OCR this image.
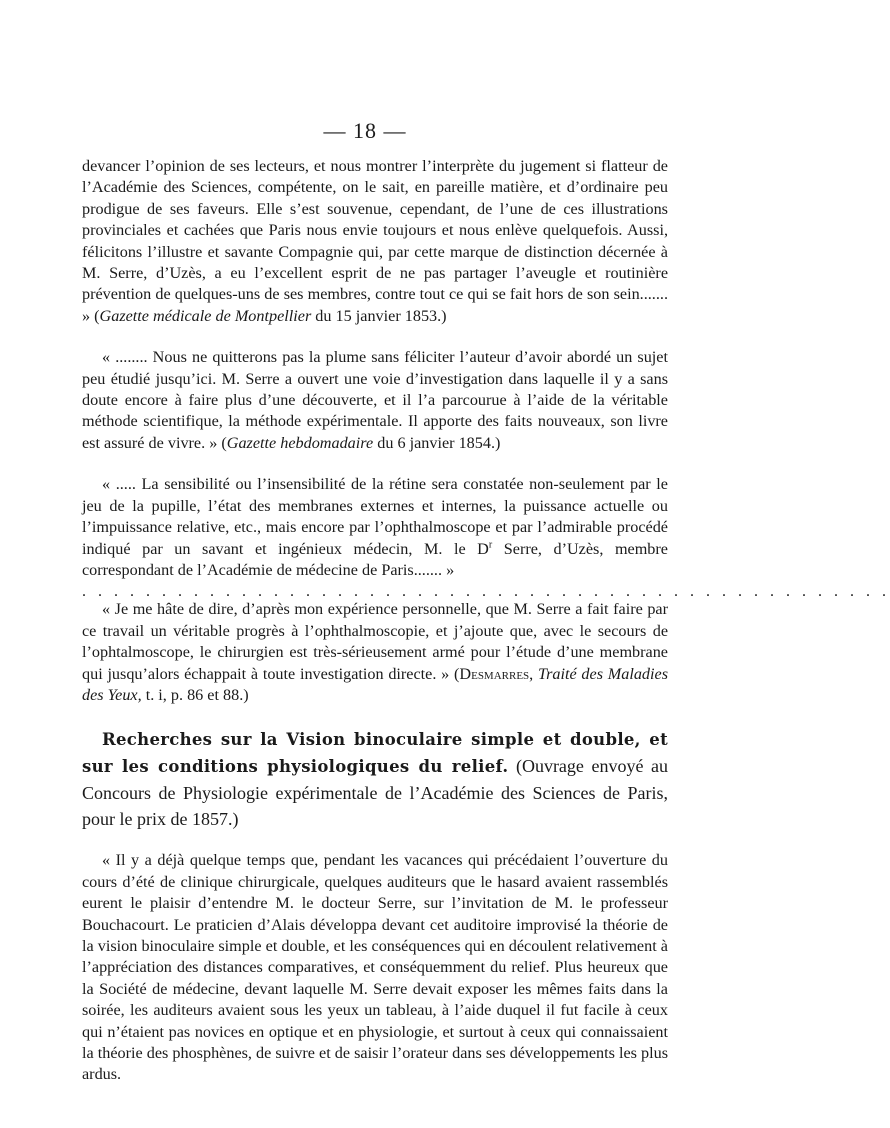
— 18 —

devancer l’opinion de ses lecteurs, et nous montrer l’interprète du jugement si flatteur de l’Académie des Sciences, compétente, on le sait, en pareille matière, et d’ordinaire peu prodigue de ses faveurs. Elle s’est souvenue, cependant, de l’une de ces illustrations provinciales et cachées que Paris nous envie toujours et nous enlève quelquefois. Aussi, félicitons l’illustre et savante Compagnie qui, par cette marque de distinction décernée à M. Serre, d’Uzès, a eu l’excellent esprit de ne pas partager l’aveugle et routinière prévention de quelques-uns de ses membres, contre tout ce qui se fait hors de son sein....... » (Gazette médicale de Montpellier du 15 janvier 1853.)

« ........ Nous ne quitterons pas la plume sans féliciter l’auteur d’avoir abordé un sujet peu étudié jusqu’ici. M. Serre a ouvert une voie d’investigation dans laquelle il y a sans doute encore à faire plus d’une découverte, et il l’a parcourue à l’aide de la véritable méthode scientifique, la méthode expérimentale. Il apporte des faits nouveaux, son livre est assuré de vivre. » (Gazette hebdomadaire du 6 janvier 1854.)

« ..... La sensibilité ou l’insensibilité de la rétine sera constatée non-seulement par le jeu de la pupille, l’état des membranes externes et internes, la puissance actuelle ou l’impuissance relative, etc., mais encore par l’ophthalmoscope et par l’admirable procédé indiqué par un savant et ingénieux médecin, M. le $D^r$ Serre, d’Uzès, membre correspondant de l’Académie de médecine de Paris....... »

. . . . . . . . . . . . . . . . . . . . . . . . . . . . . . . . . . . . . . . . . . . . . . . . . . .

« Je me hâte de dire, d’après mon expérience personnelle, que M. Serre a fait faire par ce travail un véritable progrès à l’ophthalmoscopie, et j’ajoute que, avec le secours de l’ophtalmoscope, le chirurgien est très-sérieusement armé pour l’étude d’une membrane qui jusqu’alors échappait à toute investigation directe. » (Desmarres, Traité des Maladies des Yeux, t. i, p. 86 et 88.)

Recherches sur la Vision binoculaire simple et double, et sur les conditions physiologiques du relief. (Ouvrage envoyé au Concours de Physiologie expérimentale de l’Académie des Sciences de Paris, pour le prix de 1857.)

« Il y a déjà quelque temps que, pendant les vacances qui précédaient l’ouverture du cours d’été de clinique chirurgicale, quelques auditeurs que le hasard avaient rassemblés eurent le plaisir d’entendre M. le docteur Serre, sur l’invitation de M. le professeur Bouchacourt. Le praticien d’Alais développa devant cet auditoire improvisé la théorie de la vision binoculaire simple et double, et les conséquences qui en découlent relativement à l’appréciation des distances comparatives, et conséquemment du relief. Plus heureux que la Société de médecine, devant laquelle M. Serre devait exposer les mêmes faits dans la soirée, les auditeurs avaient sous les yeux un tableau, à l’aide duquel il fut facile à ceux qui n’étaient pas novices en optique et en physiologie, et surtout à ceux qui connaissaient la théorie des phosphènes, de suivre et de saisir l’orateur dans ses développements les plus ardus.
